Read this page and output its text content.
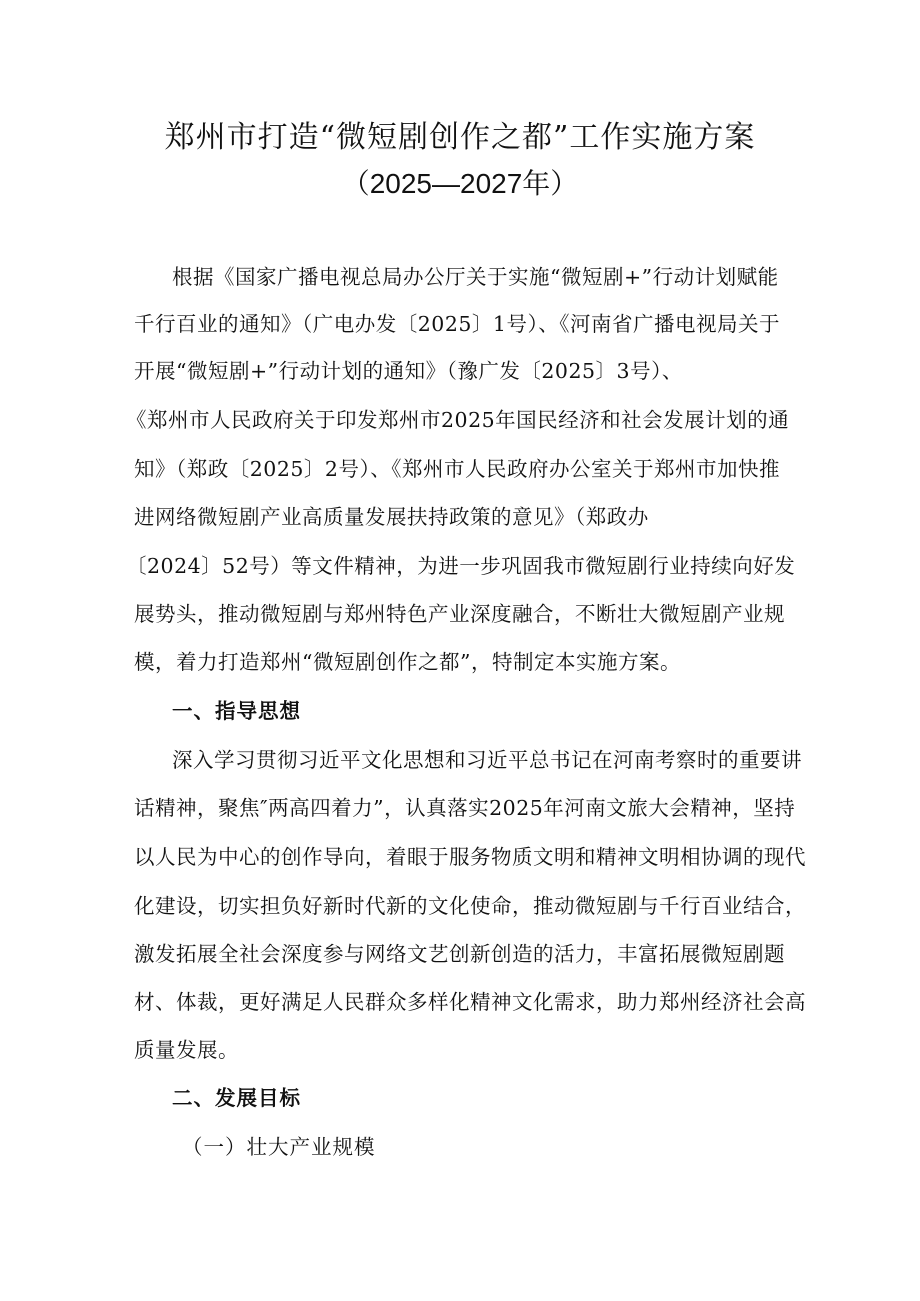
郑州市打造“微短剧创作之都”工作实施方案
（2025—2027年）
根据《国家广播电视总局办公厅关于实施“微短剧+”行动计划赋能
千行百业的通知》（广电办发〔2025〕1号）、《河南省广播电视局关于
开展“微短剧+”行动计划的通知》（豫广发〔2025〕3号）、
《郑州市人民政府关于印发郑州市2025年国民经济和社会发展计划的通
知》（郑政〔2025〕2号）、《郑州市人民政府办公室关于郑州市加快推
进网络微短剧产业高质量发展扶持政策的意见》（郑政办
〔2024〕52号）等文件精神，为进一步巩固我市微短剧行业持续向好发
展势头，推动微短剧与郑州特色产业深度融合，不断壮大微短剧产业规
模，着力打造郑州“微短剧创作之都”，特制定本实施方案。
一、指导思想
深入学习贯彻习近平文化思想和习近平总书记在河南考察时的重要讲
话精神，聚焦″两高四着力”，认真落实2025年河南文旅大会精神，坚持
以人民为中心的创作导向，着眼于服务物质文明和精神文明相协调的现代
化建设，切实担负好新时代新的文化使命，推动微短剧与千行百业结合，
激发拓展全社会深度参与网络文艺创新创造的活力，丰富拓展微短剧题
材、体裁，更好满足人民群众多样化精神文化需求，助力郑州经济社会高
质量发展。
二、发展目标
（一）壮大产业规模
